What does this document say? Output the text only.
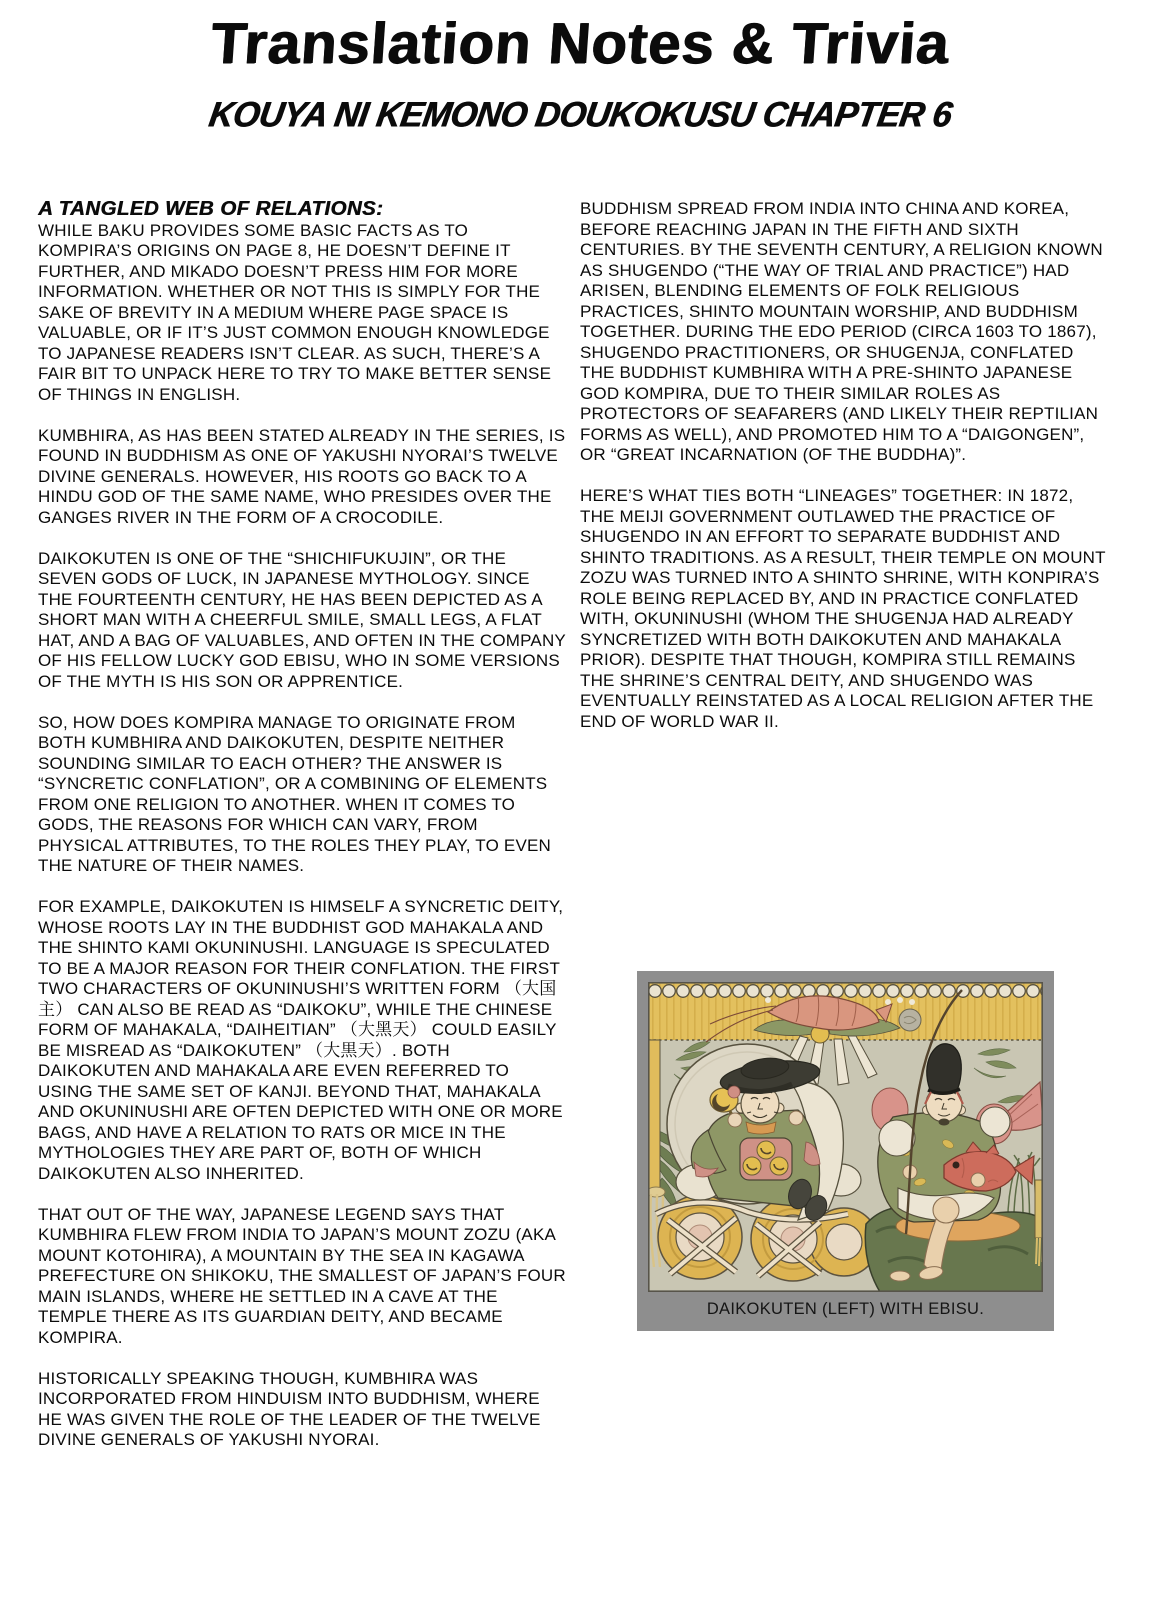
Translation Notes & Trivia
KOUYA NI KEMONO DOUKOKUSU CHAPTER 6
A TANGLED WEB OF RELATIONS:

WHILE BAKU PROVIDES SOME BASIC FACTS AS TO KOMPIRA’S ORIGINS ON PAGE 8, HE DOESN’T DEFINE IT FURTHER, AND MIKADO DOESN’T PRESS HIM FOR MORE INFORMATION. WHETHER OR NOT THIS IS SIMPLY FOR THE SAKE OF BREVITY IN A MEDIUM WHERE PAGE SPACE IS VALUABLE, OR IF IT’S JUST COMMON ENOUGH KNOWLEDGE TO JAPANESE READERS ISN’T CLEAR. AS SUCH, THERE’S A FAIR BIT TO UNPACK HERE TO TRY TO MAKE BETTER SENSE OF THINGS IN ENGLISH.

KUMBHIRA, AS HAS BEEN STATED ALREADY IN THE SERIES, IS FOUND IN BUDDHISM AS ONE OF YAKUSHI NYORAI’S TWELVE DIVINE GENERALS. HOWEVER, HIS ROOTS GO BACK TO A HINDU GOD OF THE SAME NAME, WHO PRESIDES OVER THE GANGES RIVER IN THE FORM OF A CROCODILE.

DAIKOKUTEN IS ONE OF THE “SHICHIFUKUJIN”, OR THE SEVEN GODS OF LUCK, IN JAPANESE MYTHOLOGY. SINCE THE FOURTEENTH CENTURY, HE HAS BEEN DEPICTED AS A SHORT MAN WITH A CHEERFUL SMILE, SMALL LEGS, A FLAT HAT, AND A BAG OF VALUABLES, AND OFTEN IN THE COMPANY OF HIS FELLOW LUCKY GOD EBISU, WHO IN SOME VERSIONS OF THE MYTH IS HIS SON OR APPRENTICE.

SO, HOW DOES KOMPIRA MANAGE TO ORIGINATE FROM BOTH KUMBHIRA AND DAIKOKUTEN, DESPITE NEITHER SOUNDING SIMILAR TO EACH OTHER? THE ANSWER IS “SYNCRETIC CONFLATION”, OR A COMBINING OF ELEMENTS FROM ONE RELIGION TO ANOTHER. WHEN IT COMES TO GODS, THE REASONS FOR WHICH CAN VARY, FROM PHYSICAL ATTRIBUTES, TO THE ROLES THEY PLAY, TO EVEN THE NATURE OF THEIR NAMES.

FOR EXAMPLE, DAIKOKUTEN IS HIMSELF A SYNCRETIC DEITY, WHOSE ROOTS LAY IN THE BUDDHIST GOD MAHAKALA AND THE SHINTO KAMI OKUNINUSHI. LANGUAGE IS SPECULATED TO BE A MAJOR REASON FOR THEIR CONFLATION. THE FIRST TWO CHARACTERS OF OKUNINUSHI’S WRITTEN FORM （大国主） CAN ALSO BE READ AS “DAIKOKU”, WHILE THE CHINESE FORM OF MAHAKALA, “DAIHEITIAN” （大黑天） COULD EASILY BE MISREAD AS “DAIKOKUTEN” （大黒天）. BOTH DAIKOKUTEN AND MAHAKALA ARE EVEN REFERRED TO USING THE SAME SET OF KANJI. BEYOND THAT, MAHAKALA AND OKUNINUSHI ARE OFTEN DEPICTED WITH ONE OR MORE BAGS, AND HAVE A RELATION TO RATS OR MICE IN THE MYTHOLOGIES THEY ARE PART OF, BOTH OF WHICH DAIKOKUTEN ALSO INHERITED.

THAT OUT OF THE WAY, JAPANESE LEGEND SAYS THAT KUMBHIRA FLEW FROM INDIA TO JAPAN’S MOUNT ZOZU (AKA MOUNT KOTOHIRA), A MOUNTAIN BY THE SEA IN KAGAWA PREFECTURE ON SHIKOKU, THE SMALLEST OF JAPAN’S FOUR MAIN ISLANDS, WHERE HE SETTLED IN A CAVE AT THE TEMPLE THERE AS ITS GUARDIAN DEITY, AND BECAME KOMPIRA.

HISTORICALLY SPEAKING THOUGH, KUMBHIRA WAS INCORPORATED FROM HINDUISM INTO BUDDHISM, WHERE HE WAS GIVEN THE ROLE OF THE LEADER OF THE TWELVE DIVINE GENERALS OF YAKUSHI NYORAI.

BUDDHISM SPREAD FROM INDIA INTO CHINA AND KOREA, BEFORE REACHING JAPAN IN THE FIFTH AND SIXTH CENTURIES. BY THE SEVENTH CENTURY, A RELIGION KNOWN AS SHUGENDO (“THE WAY OF TRIAL AND PRACTICE”) HAD ARISEN, BLENDING ELEMENTS OF FOLK RELIGIOUS PRACTICES, SHINTO MOUNTAIN WORSHIP, AND BUDDHISM TOGETHER. DURING THE EDO PERIOD (CIRCA 1603 TO 1867), SHUGENDO PRACTITIONERS, OR SHUGENJA, CONFLATED THE BUDDHIST KUMBHIRA WITH A PRE-SHINTO JAPANESE GOD KOMPIRA, DUE TO THEIR SIMILAR ROLES AS PROTECTORS OF SEAFARERS (AND LIKELY THEIR REPTILIAN FORMS AS WELL), AND PROMOTED HIM TO A “DAIGONGEN”, OR “GREAT INCARNATION (OF THE BUDDHA)”.

HERE’S WHAT TIES BOTH “LINEAGES” TOGETHER: IN 1872, THE MEIJI GOVERNMENT OUTLAWED THE PRACTICE OF SHUGENDO IN AN EFFORT TO SEPARATE BUDDHIST AND SHINTO TRADITIONS. AS A RESULT, THEIR TEMPLE ON MOUNT ZOZU WAS TURNED INTO A SHINTO SHRINE, WITH KONPIRA’S ROLE BEING REPLACED BY, AND IN PRACTICE CONFLATED WITH, OKUNINUSHI (WHOM THE SHUGENJA HAD ALREADY SYNCRETIZED WITH BOTH DAIKOKUTEN AND MAHAKALA PRIOR). DESPITE THAT THOUGH, KOMPIRA STILL REMAINS THE SHRINE’S CENTRAL DEITY, AND SHUGENDO WAS EVENTUALLY REINSTATED AS A LOCAL RELIGION AFTER THE END OF WORLD WAR II.

DAIKOKUTEN (LEFT) WITH EBISU.
